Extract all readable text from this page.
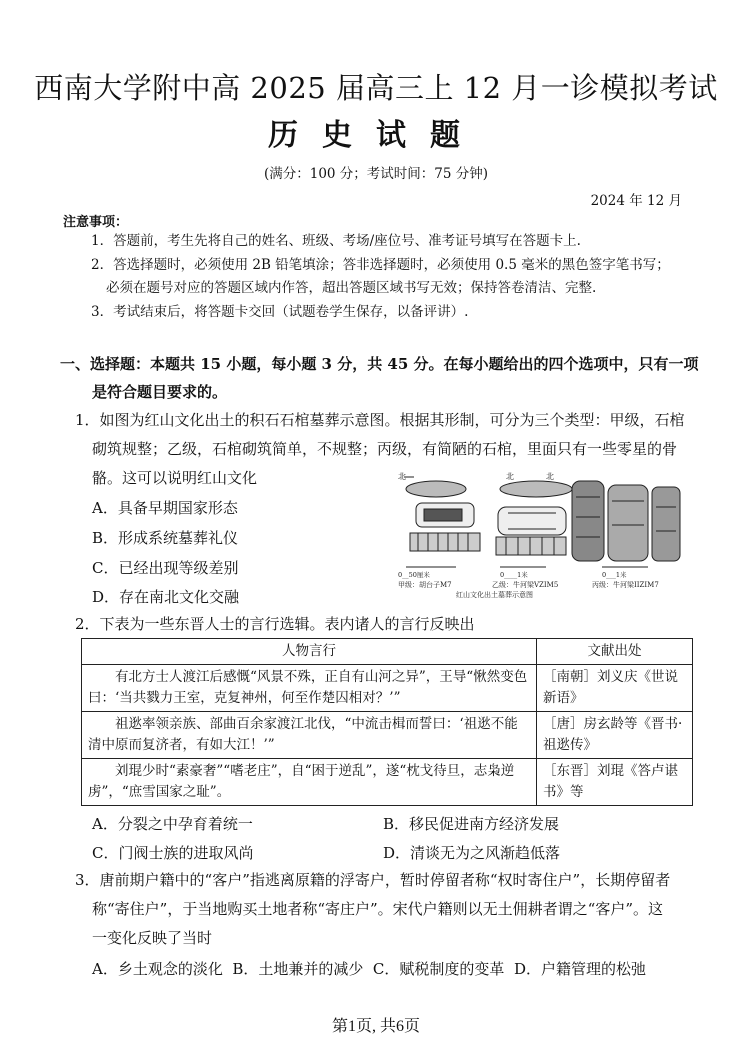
西南大学附中高 2025 届高三上 12 月一诊模拟考试
历史试题
(满分：100 分；考试时间：75 分钟)
2024 年 12 月
注意事项：
1．答题前，考生先将自己的姓名、班级、考场/座位号、准考证号填写在答题卡上.
2．答选择题时，必须使用 2B 铅笔填涂；答非选择题时，必须使用 0.5 毫米的黑色签字笔书写；
必须在题号对应的答题区域内作答，超出答题区域书写无效；保持答卷清洁、完整.
3．考试结束后，将答题卡交回（试题卷学生保存，以备评讲）.
一、选择题：本题共 15 小题，每小题 3 分，共 45 分。在每小题给出的四个选项中，只有一项
是符合题目要求的。
1．如图为红山文化出土的积石石棺墓葬示意图。根据其形制，可分为三个类型：甲级，石棺
砌筑规整；乙级，石棺砌筑简单，不规整；丙级，有简陋的石棺，里面只有一些零星的骨
骼。这可以说明红山文化
A．具备早期国家形态
B．形成系统墓葬礼仪
C．已经出现等级差别
D．存在南北文化交融
北	北	北
0__50厘米	0____1米	0___1米
甲级：胡台子M7	乙级：牛河梁VZIM5	丙级：牛河梁IIZIM7
红山文化出土墓葬示意图
2．下表为一些东晋人士的言行选辑。表内诸人的言行反映出
人物言行	文献出处
有北方士人渡江后感慨“风景不殊，正自有山河之异”，王导“愀然变色曰：‘当共戮力王室，克复神州，何至作楚囚相对？’”	［南朝］刘义庆《世说新语》
祖逖率领亲族、部曲百余家渡江北伐，“中流击楫而誓曰：‘祖逖不能清中原而复济者，有如大江！’”	［唐］房玄龄等《晋书·祖逖传》
刘琨少时“素豪奢”“嗜老庄”，自“困于逆乱”，遂“枕戈待旦，志枭逆虏”，“庶雪国家之耻”。	［东晋］刘琨《答卢谌书》等
A．分裂之中孕育着统一	B．移民促进南方经济发展
C．门阀士族的进取风尚	D．清谈无为之风渐趋低落
3．唐前期户籍中的“客户”指逃离原籍的浮寄户，暂时停留者称“权时寄住户”，长期停留者
称“寄住户”，于当地购买土地者称“寄庄户”。宋代户籍则以无土佣耕者谓之“客户”。这
一变化反映了当时
A．乡土观念的淡化  B．土地兼并的减少  C．赋税制度的变革  D．户籍管理的松弛
第1页, 共6页
